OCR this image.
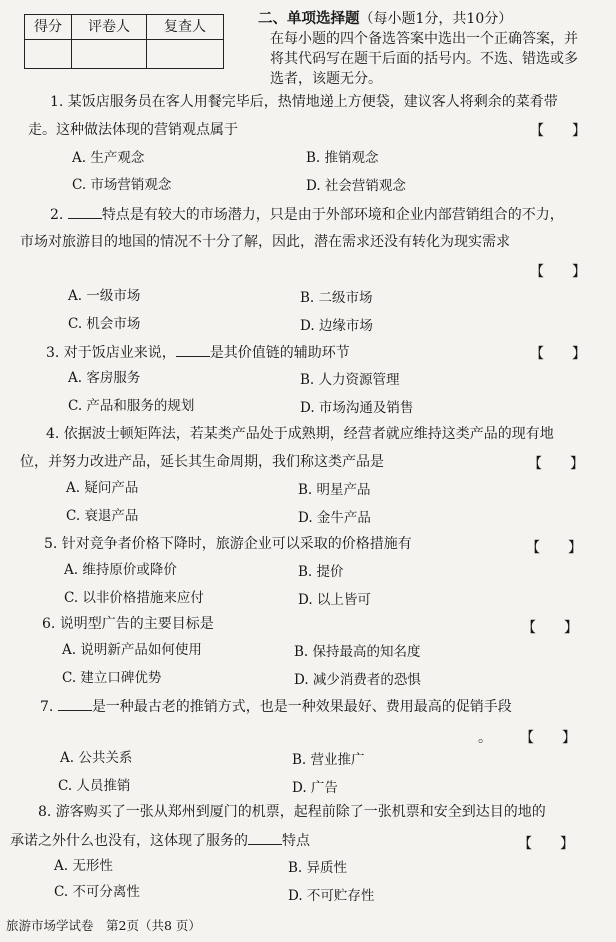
得分	评卷人	复查人
			二、单项选择题（每小题1分，共10分）
在每小题的四个备选答案中选出一个正确答案，并
将其代码写在题干后面的括号内。不选、错选或多
选者，该题无分。
1. 某饭店服务员在客人用餐完毕后，热情地递上方便袋，建议客人将剩余的菜肴带
走。这种做法体现的营销观点属于	【　　】
A. 生产观念	B. 推销观念
C. 市场营销观念	D. 社会营销观念
2.	特点是有较大的市场潜力，只是由于外部环境和企业内部营销组合的不力，
市场对旅游目的地国的情况不十分了解，因此，潜在需求还没有转化为现实需求
【　　】
A. 一级市场	B. 二级市场
C. 机会市场	D. 边缘市场
3. 对于饭店业来说， 是其价值链的辅助环节	【　　】
A. 客房服务	B. 人力资源管理
C. 产品和服务的规划	D. 市场沟通及销售
4. 依据波士顿矩阵法，若某类产品处于成熟期，经营者就应维持这类产品的现有地
位，并努力改进产品，延长其生命周期，我们称这类产品是	【　　】
A. 疑问产品	B. 明星产品
C. 衰退产品	D. 金牛产品
5. 针对竞争者价格下降时，旅游企业可以采取的价格措施有	【　　】
A. 维持原价或降价	B. 提价
C. 以非价格措施来应付	D. 以上皆可
6. 说明型广告的主要目标是	【　　】
A. 说明新产品如何使用	B. 保持最高的知名度
C. 建立口碑优势	D. 减少消费者的恐惧
7.	是一种最古老的推销方式，也是一种效果最好、费用最高的促销手段
。 【　　】
A. 公共关系	B. 营业推广
C. 人员推销	D. 广告
8. 游客购买了一张从郑州到厦门的机票，起程前除了一张机票和安全到达目的地的
承诺之外什么也没有，这体现了服务的 特点	【　　】
A. 无形性	B. 异质性
C. 不可分离性	D. 不可贮存性
旅游市场学试卷　第2页（共8 页）
